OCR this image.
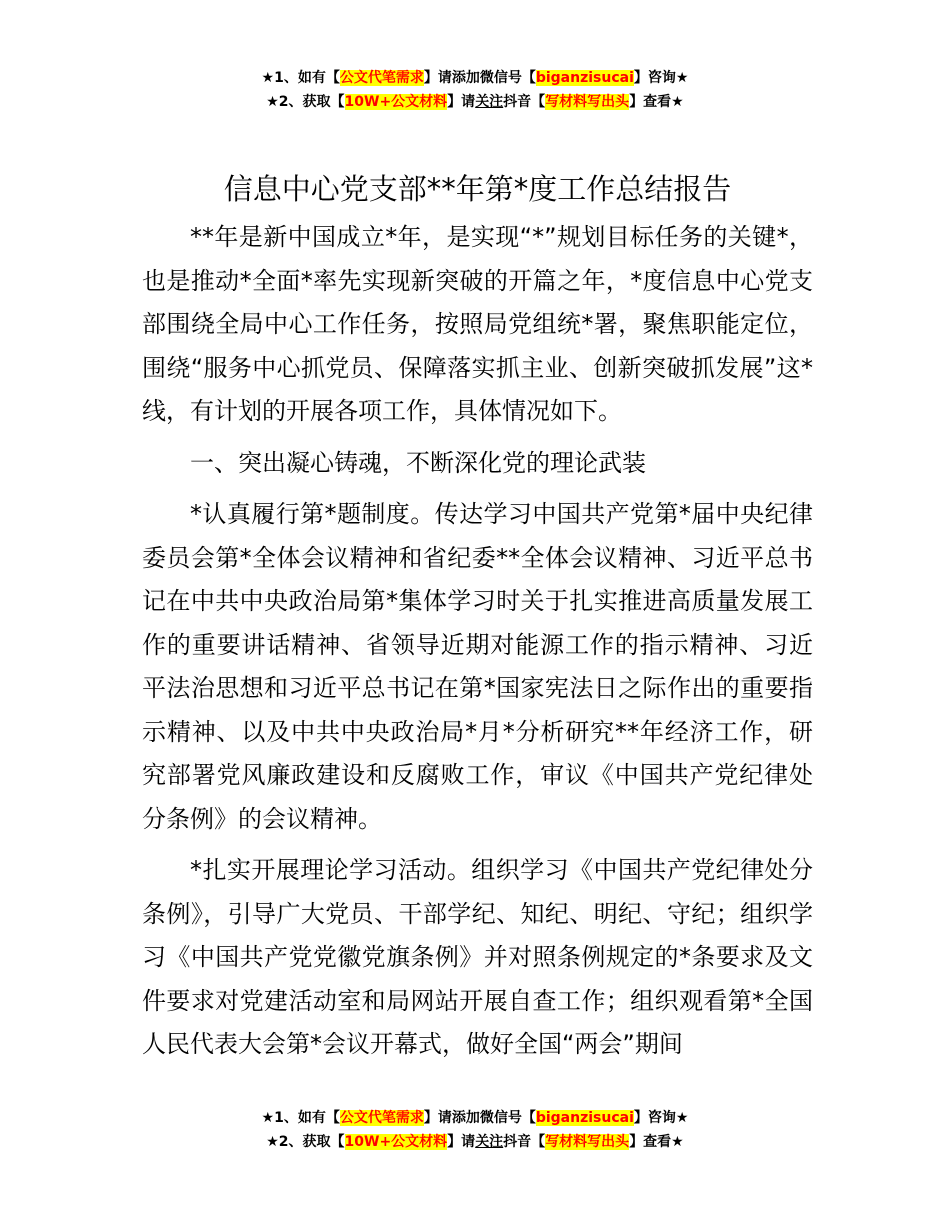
★1、如有【公文代笔需求】请添加微信号【biganzisucai】咨询★
★2、获取【10W+公文材料】请关注抖音【写材料写出头】查看★
信息中心党支部**年第*度工作总结报告

**年是新中国成立*年，是实现“*”规划目标任务的关键*，也是推动*全面*率先实现新突破的开篇之年，*度信息中心党支部围绕全局中心工作任务，按照局党组统*署，聚焦职能定位，围绕“服务中心抓党员、保障落实抓主业、创新突破抓发展”这*线，有计划的开展各项工作，具体情况如下。

一、突出凝心铸魂，不断深化党的理论武装

*认真履行第*题制度。传达学习中国共产党第*届中央纪律委员会第*全体会议精神和省纪委**全体会议精神、习近平总书记在中共中央政治局第*集体学习时关于扎实推进高质量发展工作的重要讲话精神、省领导近期对能源工作的指示精神、习近平法治思想和习近平总书记在第*国家宪法日之际作出的重要指示精神、以及中共中央政治局*月*分析研究**年经济工作，研究部署党风廉政建设和反腐败工作，审议《中国共产党纪律处分条例》的会议精神。

*扎实开展理论学习活动。组织学习《中国共产党纪律处分条例》，引导广大党员、干部学纪、知纪、明纪、守纪；组织学习《中国共产党党徽党旗条例》并对照条例规定的*条要求及文件要求对党建活动室和局网站开展自查工作；组织观看第*全国人民代表大会第*会议开幕式，做好全国“两会”期间

★1、如有【公文代笔需求】请添加微信号【biganzisucai】咨询★
★2、获取【10W+公文材料】请关注抖音【写材料写出头】查看★
